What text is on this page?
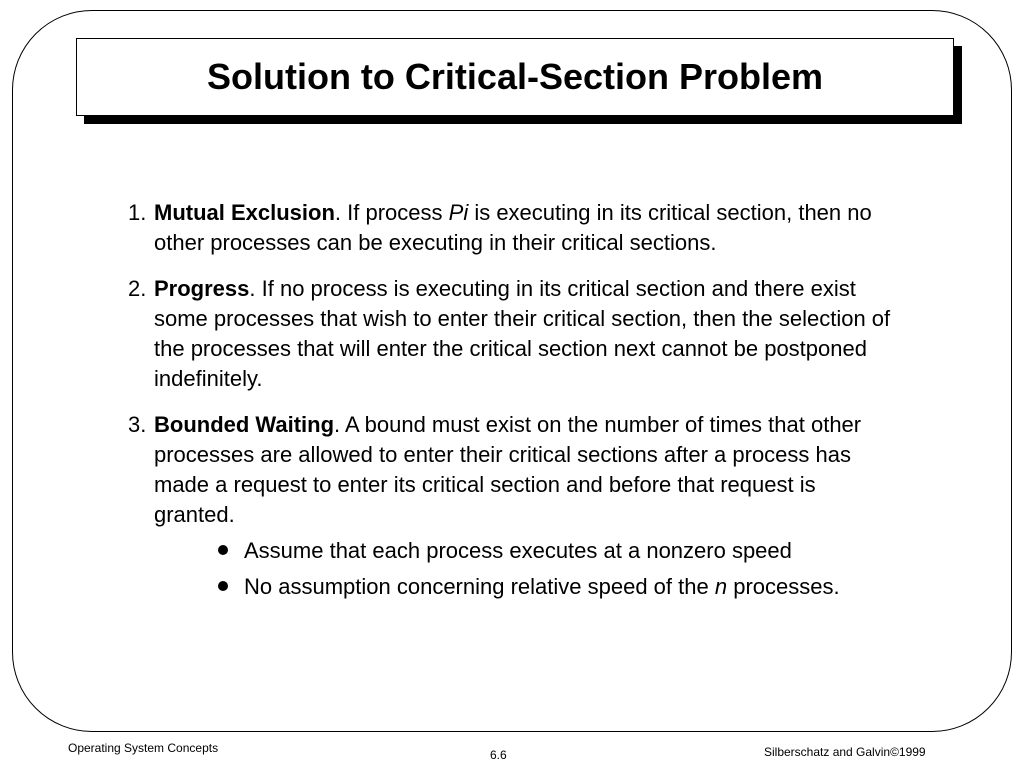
Solution to Critical-Section Problem
1. Mutual Exclusion. If process Pi is executing in its critical section, then no other processes can be executing in their critical sections.
2. Progress. If no process is executing in its critical section and there exist some processes that wish to enter their critical section, then the selection of the processes that will enter the critical section next cannot be postponed indefinitely.
3. Bounded Waiting. A bound must exist on the number of times that other processes are allowed to enter their critical sections after a process has made a request to enter its critical section and before that request is granted.
Assume that each process executes at a nonzero speed
No assumption concerning relative speed of the n processes.
Operating System Concepts	6.6	Silberschatz and Galvin©1999
